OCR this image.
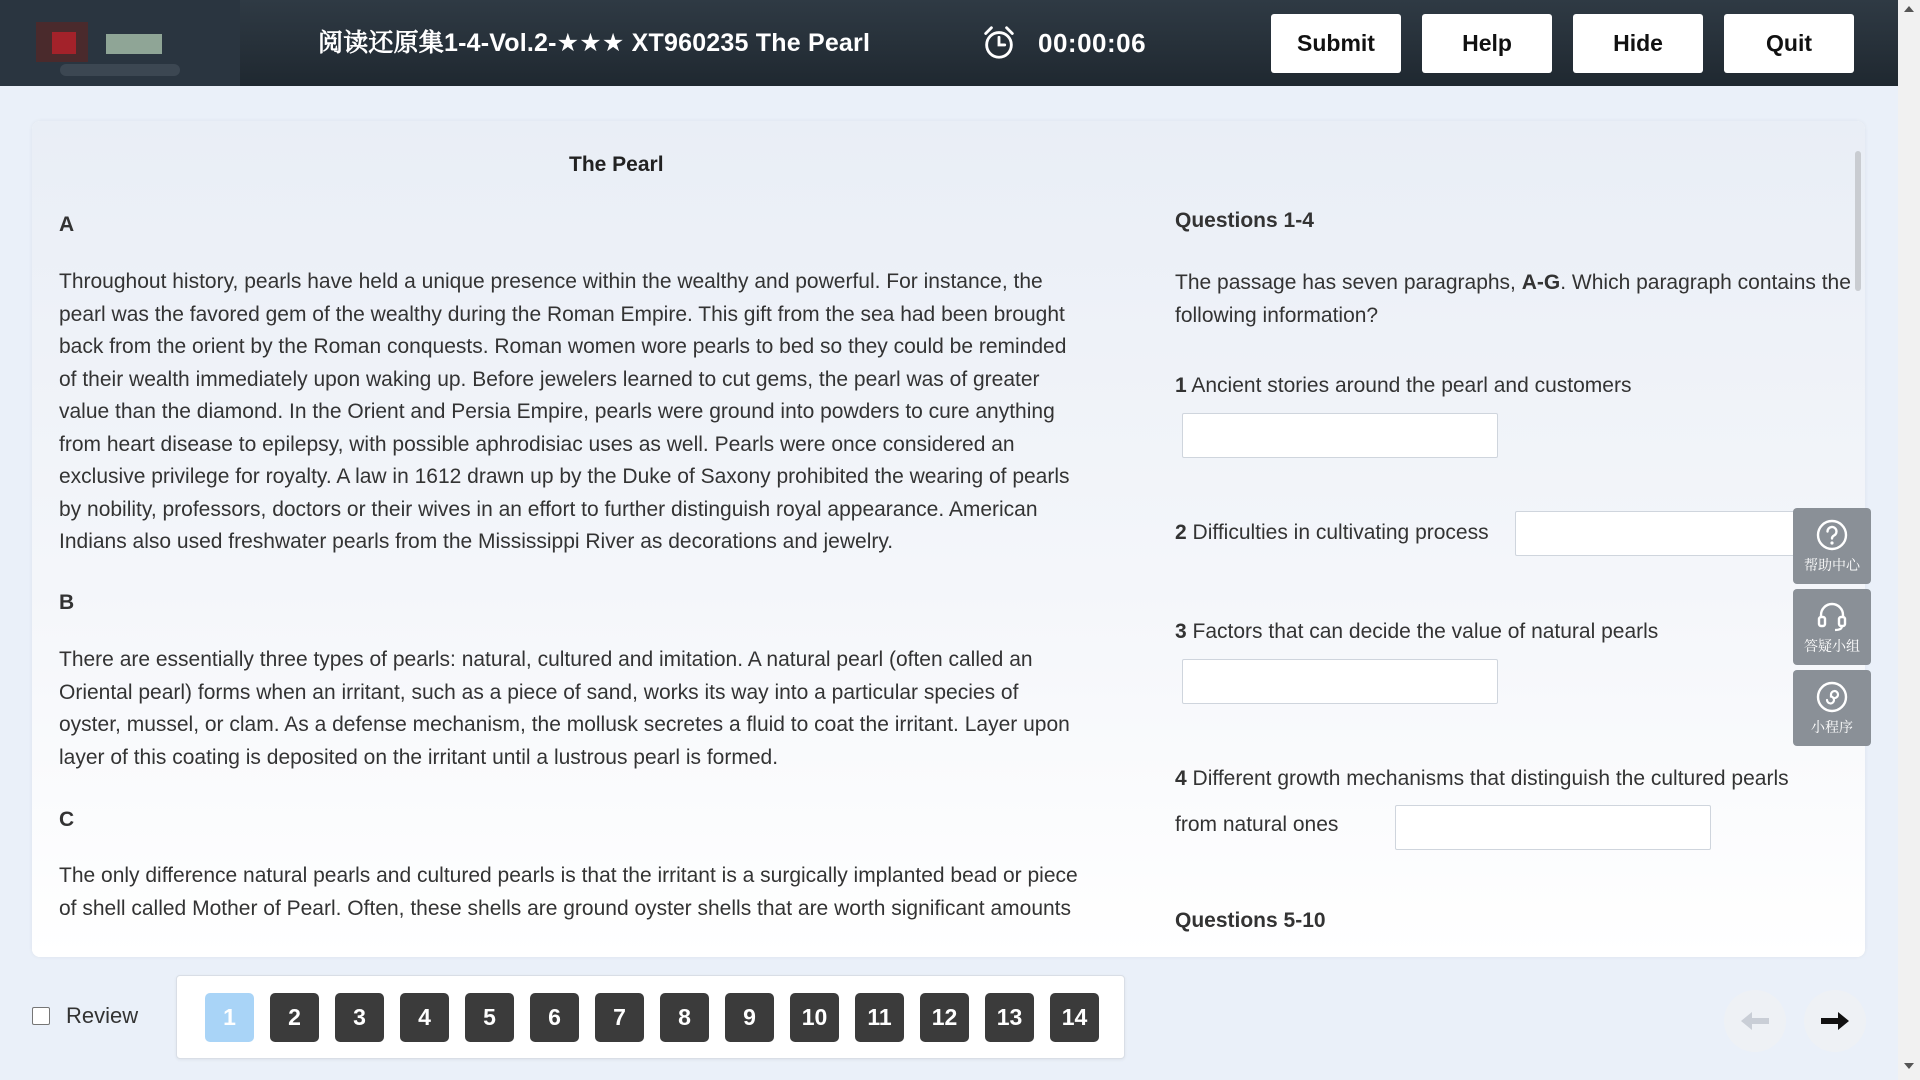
阅读还原集1-4-Vol.2-★★★ XT960235 The Pearl	00:00:06	Submit	Help	Hide	Quit
The Pearl
A
Throughout history, pearls have held a unique presence within the wealthy and powerful. For instance, the
pearl was the favored gem of the wealthy during the Roman Empire. This gift from the sea had been brought
back from the orient by the Roman conquests. Roman women wore pearls to bed so they could be reminded
of their wealth immediately upon waking up. Before jewelers learned to cut gems, the pearl was of greater
value than the diamond. In the Orient and Persia Empire, pearls were ground into powders to cure anything
from heart disease to epilepsy, with possible aphrodisiac uses as well. Pearls were once considered an
exclusive privilege for royalty. A law in 1612 drawn up by the Duke of Saxony prohibited the wearing of pearls
by nobility, professors, doctors or their wives in an effort to further distinguish royal appearance. American
Indians also used freshwater pearls from the Mississippi River as decorations and jewelry.
B
There are essentially three types of pearls: natural, cultured and imitation. A natural pearl (often called an
Oriental pearl) forms when an irritant, such as a piece of sand, works its way into a particular species of
oyster, mussel, or clam. As a defense mechanism, the mollusk secretes a fluid to coat the irritant. Layer upon
layer of this coating is deposited on the irritant until a lustrous pearl is formed.
C
The only difference natural pearls and cultured pearls is that the irritant is a surgically implanted bead or piece
of shell called Mother of Pearl. Often, these shells are ground oyster shells that are worth significant amounts
Questions 1-4
The passage has seven paragraphs, A-G. Which paragraph contains the following information?
1 Ancient stories around the pearl and customers
2 Difficulties in cultivating process
3 Factors that can decide the value of natural pearls
4 Different growth mechanisms that distinguish the cultured pearls
from natural ones
Questions 5-10
帮助中心
答疑小组
小程序
Review	1	2	3	4	5	6	7	8	9	10	11	12	13	14
